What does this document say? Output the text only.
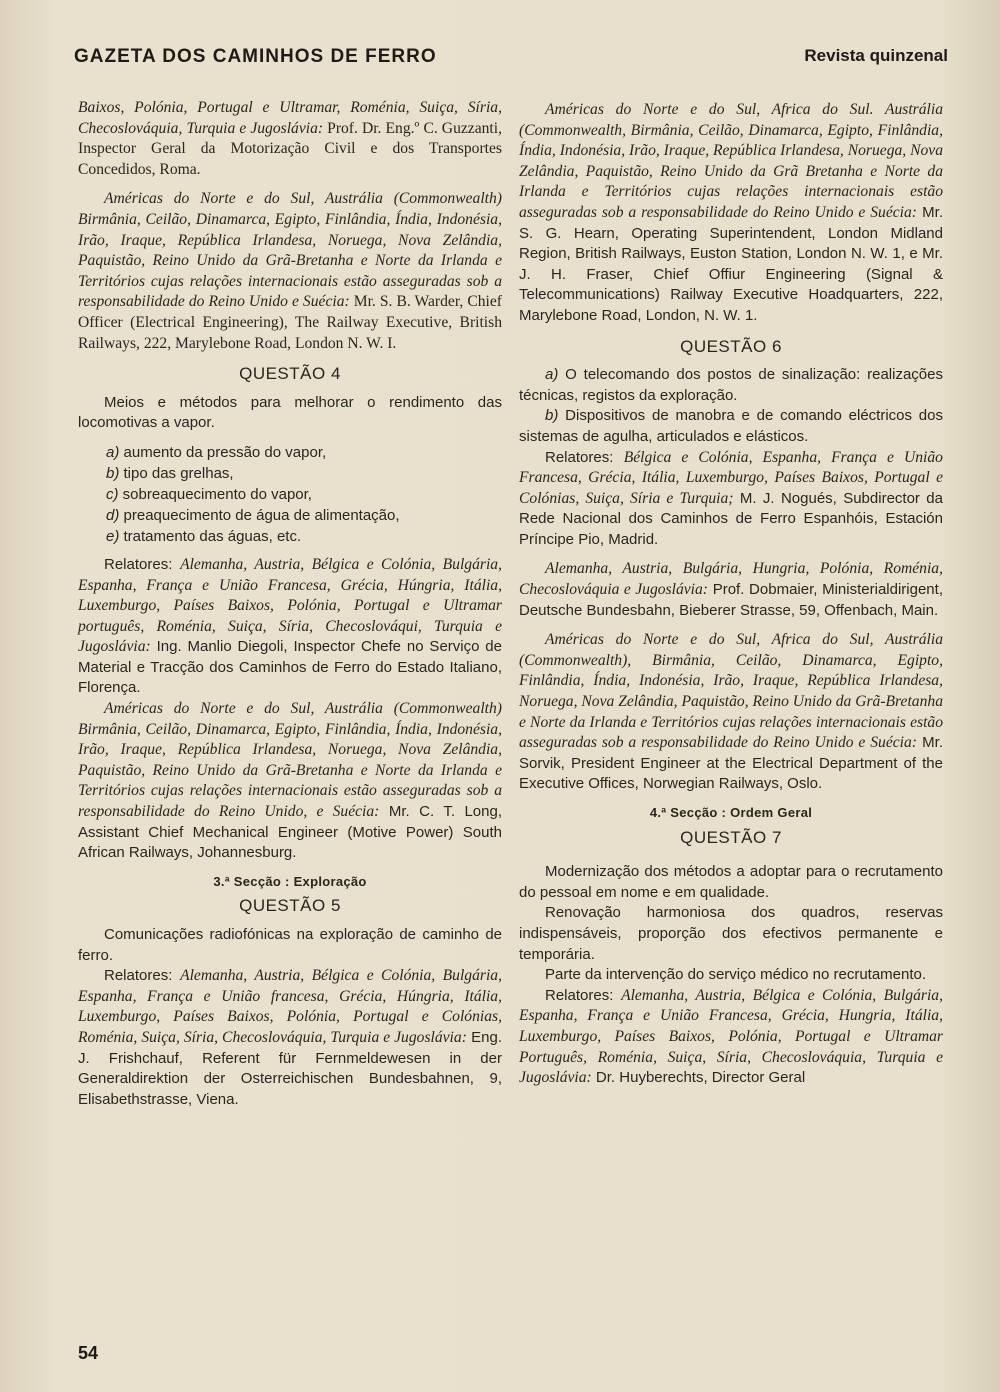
GAZETA DOS CAMINHOS DE FERRO	Revista quinzenal

Baixos, Polónia, Portugal e Ultramar, Roménia, Suiça, Síria, Checoslováquia, Turquia e Jugoslávia: Prof. Dr. Eng.º C. Guzzanti, Inspector Geral da Motorização Civil e dos Transportes Concedidos, Roma.

Américas do Norte e do Sul, Austrália (Commonwealth) Birmânia, Ceilão, Dinamarca, Egipto, Finlândia, Índia, Indonésia, Irão, Iraque, República Irlandesa, Noruega, Nova Zelândia, Paquistão, Reino Unido da Grã-Bretanha e Norte da Irlanda e Territórios cujas relações internacionais estão asseguradas sob a responsabilidade do Reino Unido e Suécia: Mr. S. B. Warder, Chief Officer (Electrical Engineering), The Railway Executive, British Railways, 222, Marylebone Road, London N. W. I.

QUESTÃO 4

Meios e métodos para melhorar o rendimento das locomotivas a vapor.

a) aumento da pressão do vapor,
b) tipo das grelhas,
c) sobreaquecimento do vapor,
d) preaquecimento de água de alimentação,
e) tratamento das águas, etc.

Relatores: Alemanha, Austria, Bélgica e Colónia, Bulgária, Espanha, França e União Francesa, Grécia, Húngria, Itália, Luxemburgo, Países Baixos, Polónia, Portugal e Ultramar português, Roménia, Suiça, Síria, Checoslováqui, Turquia e Jugoslávia: Ing. Manlio Diegoli, Inspector Chefe no Serviço de Material e Tracção dos Caminhos de Ferro do Estado Italiano, Florença.

Américas do Norte e do Sul, Austrália (Commonwealth) Birmânia, Ceilão, Dinamarca, Egipto, Finlândia, Índia, Indonésia, Irão, Iraque, República Irlandesa, Noruega, Nova Zelândia, Paquistão, Reino Unido da Grã-Bretanha e Norte da Irlanda e Territórios cujas relações internacionais estão asseguradas sob a responsabilidade do Reino Unido, e Suécia: Mr. C. T. Long, Assistant Chief Mechanical Engineer (Motive Power) South African Railways, Johannesburg.

3.ª Secção : Exploração

QUESTÃO 5

Comunicações radiofónicas na exploração de caminho de ferro.

Relatores: Alemanha, Austria, Bélgica e Colónia, Bulgária, Espanha, França e União francesa, Grécia, Húngria, Itália, Luxemburgo, Países Baixos, Polónia, Portugal e Colónias, Roménia, Suiça, Síria, Checoslováquia, Turquia e Jugoslávia: Eng. J. Frishchauf, Referent für Fernmeldewesen in der Generaldirektion der Osterreichischen Bundesbahnen, 9, Elisabethstrasse, Viena.

Américas do Norte e do Sul, Africa do Sul. Austrália (Commonwealth, Birmânia, Ceilão, Dinamarca, Egipto, Finlândia, Índia, Indonésia, Irão, Iraque, República Irlandesa, Noruega, Nova Zelândia, Paquistão, Reino Unido da Grã Bretanha e Norte da Irlanda e Territórios cujas relações internacionais estão asseguradas sob a responsabilidade do Reino Unido e Suécia: Mr. S. G. Hearn, Operating Superintendent, London Midland Region, British Railways, Euston Station, London N. W. 1, e Mr. J. H. Fraser, Chief Offiur Engineering (Signal & Telecommunications) Railway Executive Hoadquarters, 222, Marylebone Road, London, N. W. 1.

QUESTÃO 6

a) O telecomando dos postos de sinalização: realizações técnicas, registos da exploração.

b) Dispositivos de manobra e de comando eléctricos dos sistemas de agulha, articulados e elásticos.

Relatores: Bélgica e Colónia, Espanha, França e União Francesa, Grécia, Itália, Luxemburgo, Países Baixos, Portugal e Colónias, Suiça, Síria e Turquia; M. J. Nogués, Subdirector da Rede Nacional dos Caminhos de Ferro Espanhóis, Estación Príncipe Pio, Madrid.

Alemanha, Austria, Bulgária, Hungria, Polónia, Roménia, Checoslováquia e Jugoslávia: Prof. Dobmaier, Ministerialdirigent, Deutsche Bundesbahn, Bieberer Strasse, 59, Offenbach, Main.

Américas do Norte e do Sul, Africa do Sul, Austrália (Commonwealth), Birmânia, Ceilão, Dinamarca, Egipto, Finlândia, Índia, Indonésia, Irão, Iraque, República Irlandesa, Noruega, Nova Zelândia, Paquistão, Reino Unido da Grã-Bretanha e Norte da Irlanda e Territórios cujas relações internacionais estão asseguradas sob a responsabilidade do Reino Unido e Suécia: Mr. Sorvik, President Engineer at the Electrical Department of the Executive Offices, Norwegian Railways, Oslo.

4.ª Secção : Ordem Geral

QUESTÃO 7

Modernização dos métodos a adoptar para o recrutamento do pessoal em nome e em qualidade.

Renovação harmoniosa dos quadros, reservas indispensáveis, proporção dos efectivos permanente e temporária.

Parte da intervenção do serviço médico no recrutamento.

Relatores: Alemanha, Austria, Bélgica e Colónia, Bulgária, Espanha, França e União Francesa, Grécia, Hungria, Itália, Luxemburgo, Países Baixos, Polónia, Portugal e Ultramar Português, Roménia, Suiça, Síria, Checoslováquia, Turquia e Jugoslávia: Dr. Huyberechts, Director Geral

54
